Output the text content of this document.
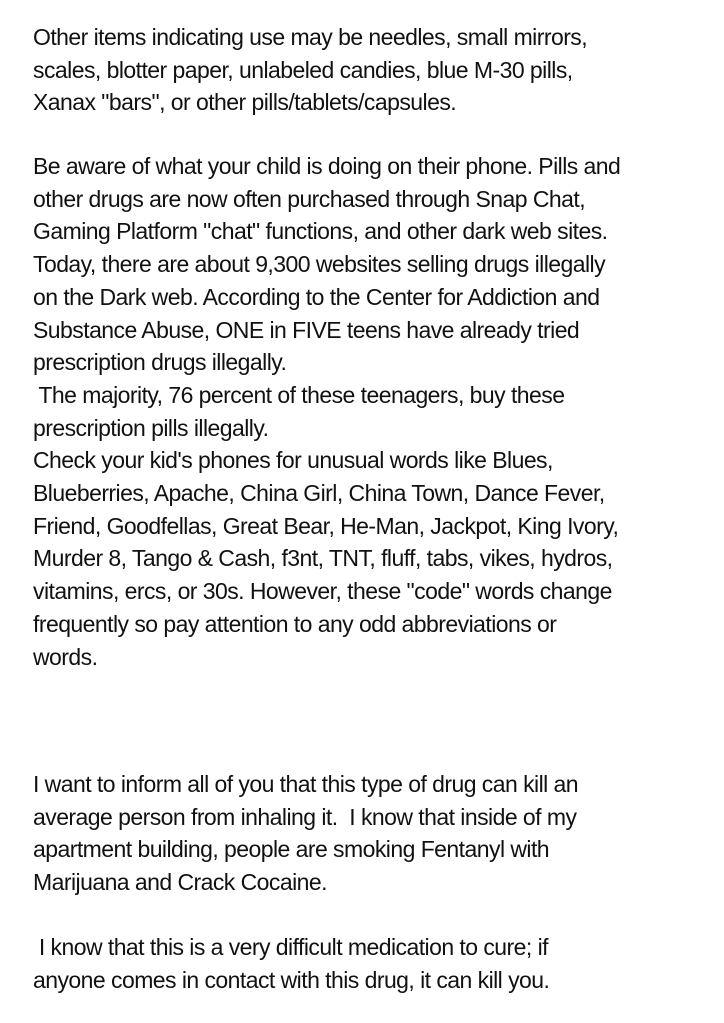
Other items indicating use may be needles, small mirrors,
scales, blotter paper, unlabeled candies, blue M-30 pills,
Xanax "bars", or other pills/tablets/capsules.

Be aware of what your child is doing on their phone. Pills and
other drugs are now often purchased through Snap Chat,
Gaming Platform "chat" functions, and other dark web sites.
Today, there are about 9,300 websites selling drugs illegally
on the Dark web. According to the Center for Addiction and
Substance Abuse, ONE in FIVE teens have already tried
prescription drugs illegally.
The majority, 76 percent of these teenagers, buy these
prescription pills illegally.
Check your kid's phones for unusual words like Blues,
Blueberries, Apache, China Girl, China Town, Dance Fever,
Friend, Goodfellas, Great Bear, He-Man, Jackpot, King Ivory,
Murder 8, Tango & Cash, f3nt, TNT, fluff, tabs, vikes, hydros,
vitamins, ercs, or 30s. However, these "code" words change
frequently so pay attention to any odd abbreviations or
words.

I want to inform all of you that this type of drug can kill an
average person from inhaling it.  I know that inside of my
apartment building, people are smoking Fentanyl with
Marijuana and Crack Cocaine.

I know that this is a very difficult medication to cure; if
anyone comes in contact with this drug, it can kill you.
